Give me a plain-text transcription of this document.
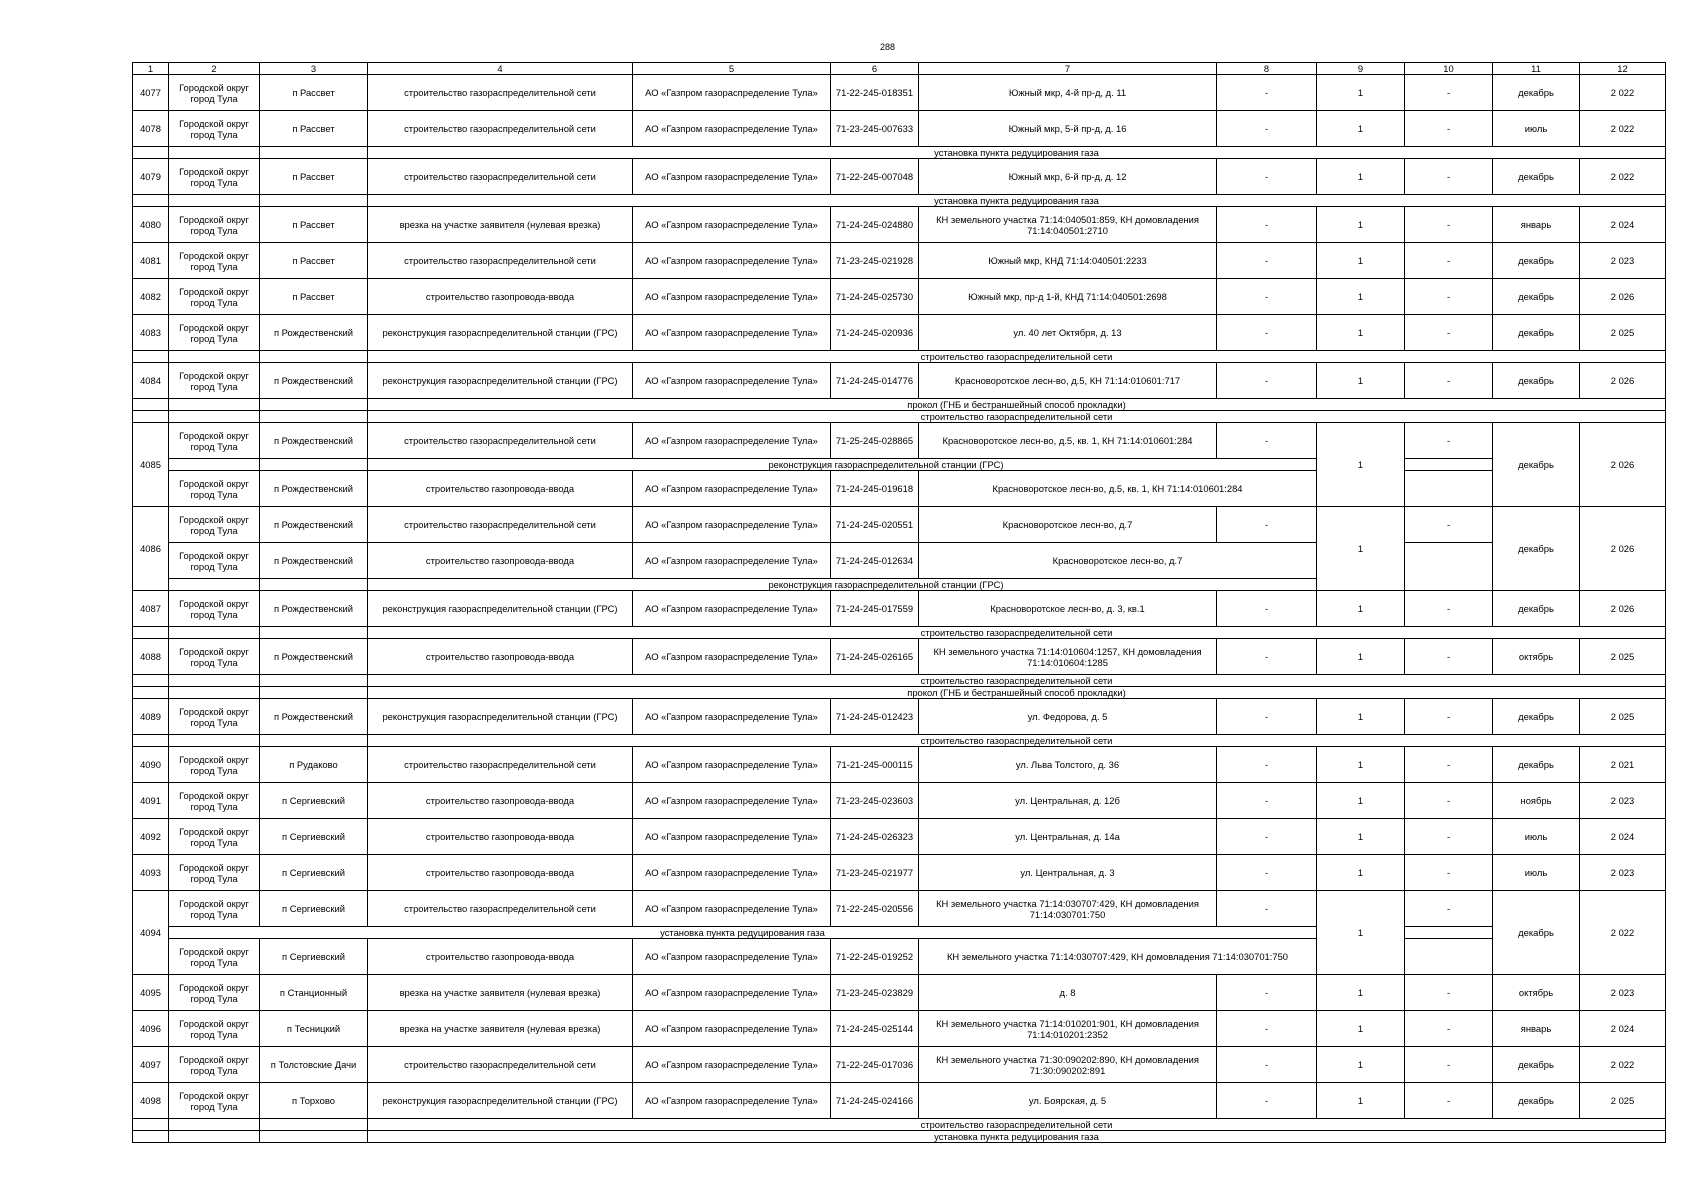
288
1	2	3	4	5	6	7	8	9	10	11	12
4077	Городской округ город Тула	п Рассвет	строительство газораспределительной сети	АО «Газпром газораспределение Тула»	71-22-245-018351	Южный мкр, 4-й пр-д, д. 11	-	1	-	декабрь	2 022
4078	Городской округ город Тула	п Рассвет	строительство газораспределительной сети	АО «Газпром газораспределение Тула»	71-23-245-007633	Южный мкр, 5-й пр-д, д. 16	-	1	-	июль	2 022
			установка пункта редуцирования газа								
4079	Городской округ город Тула	п Рассвет	строительство газораспределительной сети	АО «Газпром газораспределение Тула»	71-22-245-007048	Южный мкр, 6-й пр-д, д. 12	-	1	-	декабрь	2 022
			установка пункта редуцирования газа								
4080	Городской округ город Тула	п Рассвет	врезка на участке заявителя (нулевая врезка)	АО «Газпром газораспределение Тула»	71-24-245-024880	КН земельного участка 71:14:040501:859, КН домовладения 71:14:040501:2710	-	1	-	январь	2 024
4081	Городской округ город Тула	п Рассвет	строительство газораспределительной сети	АО «Газпром газораспределение Тула»	71-23-245-021928	Южный мкр, КНД 71:14:040501:2233	-	1	-	декабрь	2 023
4082	Городской округ город Тула	п Рассвет	строительство газопровода-ввода	АО «Газпром газораспределение Тула»	71-24-245-025730	Южный мкр, пр-д 1-й, КНД 71:14:040501:2698	-	1	-	декабрь	2 026
4083	Городской округ город Тула	п Рождественский	реконструкция газораспределительной станции (ГРС)	АО «Газпром газораспределение Тула»	71-24-245-020936	ул. 40 лет Октября, д. 13	-	1	-	декабрь	2 025
			строительство газораспределительной сети								
4084	Городской округ город Тула	п Рождественский	реконструкция газораспределительной станции (ГРС)	АО «Газпром газораспределение Тула»	71-24-245-014776	Красноворотское лесн-во, д.5, КН 71:14:010601:717	-	1	-	декабрь	2 026
			прокол (ГНБ и бестраншейный способ прокладки)								
			строительство газораспределительной сети								
4085	Городской округ город Тула	п Рождественский	строительство газораспределительной сети	АО «Газпром газораспределение Тула»	71-25-245-028865	Красноворотское лесн-во, д.5, кв. 1, КН 71:14:010601:284	-	1	-	декабрь	2 026
			реконструкция газораспределительной станции (ГРС)								
	Городской округ город Тула	п Рождественский	строительство газопровода-ввода	АО «Газпром газораспределение Тула»	71-24-245-019618	Красноворотское лесн-во, д.5, кв. 1, КН 71:14:010601:284					
4086	Городской округ город Тула	п Рождественский	строительство газораспределительной сети	АО «Газпром газораспределение Тула»	71-24-245-020551	Красноворотское лесн-во, д.7	-	1	-	декабрь	2 026
	Городской округ город Тула	п Рождественский	строительство газопровода-ввода	АО «Газпром газораспределение Тула»	71-24-245-012634	Красноворотское лесн-во, д.7					
			реконструкция газораспределительной станции (ГРС)								
4087	Городской округ город Тула	п Рождественский	реконструкция газораспределительной станции (ГРС)	АО «Газпром газораспределение Тула»	71-24-245-017559	Красноворотское лесн-во, д. 3, кв.1	-	1	-	декабрь	2 026
			строительство газораспределительной сети								
4088	Городской округ город Тула	п Рождественский	строительство газопровода-ввода	АО «Газпром газораспределение Тула»	71-24-245-026165	КН земельного участка 71:14:010604:1257, КН домовладения 71:14:010604:1285	-	1	-	октябрь	2 025
			строительство газораспределительной сети								
			прокол (ГНБ и бестраншейный способ прокладки)								
4089	Городской округ город Тула	п Рождественский	реконструкция газораспределительной станции (ГРС)	АО «Газпром газораспределение Тула»	71-24-245-012423	ул. Федорова, д. 5	-	1	-	декабрь	2 025
			строительство газораспределительной сети								
4090	Городской округ город Тула	п Рудаково	строительство газораспределительной сети	АО «Газпром газораспределение Тула»	71-21-245-000115	ул. Льва Толстого, д. 36	-	1	-	декабрь	2 021
4091	Городской округ город Тула	п Сергиевский	строительство газопровода-ввода	АО «Газпром газораспределение Тула»	71-23-245-023603	ул. Центральная, д. 12б	-	1	-	ноябрь	2 023
4092	Городской округ город Тула	п Сергиевский	строительство газопровода-ввода	АО «Газпром газораспределение Тула»	71-24-245-026323	ул. Центральная, д. 14а	-	1	-	июль	2 024
4093	Городской округ город Тула	п Сергиевский	строительство газопровода-ввода	АО «Газпром газораспределение Тула»	71-23-245-021977	ул. Центральная, д. 3	-	1	-	июль	2 023
4094	Городской округ город Тула	п Сергиевский	строительство газораспределительной сети	АО «Газпром газораспределение Тула»	71-22-245-020556	КН земельного участка 71:14:030707:429, КН домовладения 71:14:030701:750	-	1	-	декабрь	2 022
	установка пункта редуцирования газа										
	Городской округ город Тула	п Сергиевский	строительство газопровода-ввода	АО «Газпром газораспределение Тула»	71-22-245-019252	КН земельного участка 71:14:030707:429, КН домовладения 71:14:030701:750					
4095	Городской округ город Тула	п Станционный	врезка на участке заявителя (нулевая врезка)	АО «Газпром газораспределение Тула»	71-23-245-023829	д. 8	-	1	-	октябрь	2 023
4096	Городской округ город Тула	п Тесницкий	врезка на участке заявителя (нулевая врезка)	АО «Газпром газораспределение Тула»	71-24-245-025144	КН земельного участка 71:14:010201:901, КН домовладения 71:14:010201:2352	-	1	-	январь	2 024
4097	Городской округ город Тула	п Толстовские Дачи	строительство газораспределительной сети	АО «Газпром газораспределение Тула»	71-22-245-017036	КН земельного участка 71:30:090202:890, КН домовладения 71:30:090202:891	-	1	-	декабрь	2 022
4098	Городской округ город Тула	п Торхово	реконструкция газораспределительной станции (ГРС)	АО «Газпром газораспределение Тула»	71-24-245-024166	ул. Боярская, д. 5	-	1	-	декабрь	2 025
			строительство газораспределительной сети								
			установка пункта редуцирования газа								
